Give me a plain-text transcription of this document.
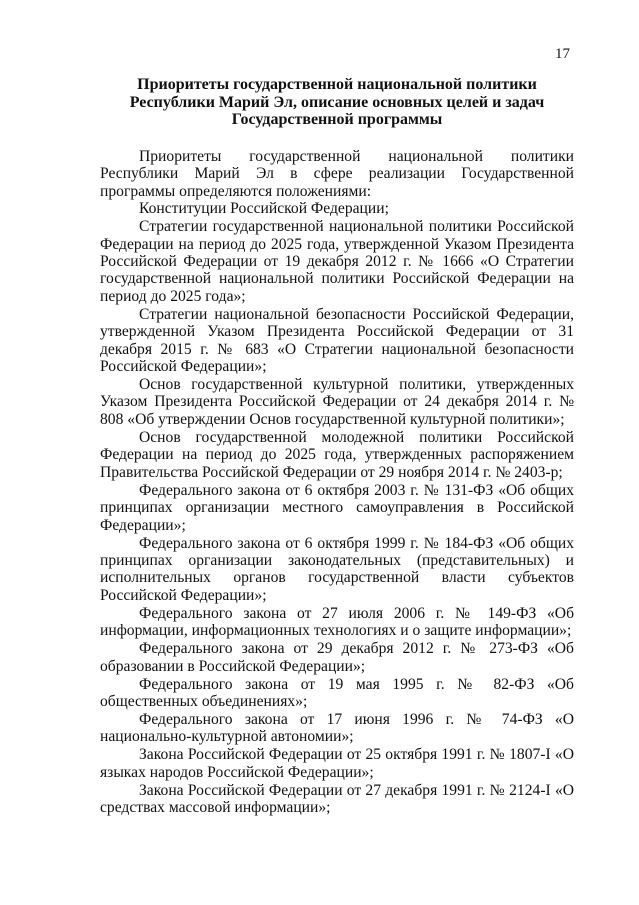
17
Приоритеты государственной национальной политики
Республики Марий Эл, описание основных целей и задач
Государственной программы

Приоритеты государственной национальной политики Республики Марий Эл в сфере реализации Государственной программы определяются положениями:

Конституции Российской Федерации;

Стратегии государственной национальной политики Российской Федерации на период до 2025 года, утвержденной Указом Президента Российской Федерации от 19 декабря 2012 г. № 1666 «О Стратегии государственной национальной политики Российской Федерации на период до 2025 года»;

Стратегии национальной безопасности Российской Федерации, утвержденной Указом Президента Российской Федерации от 31 декабря 2015 г. № 683 «О Стратегии национальной безопасности Российской Федерации»;

Основ государственной культурной политики, утвержденных Указом Президента Российской Федерации от 24 декабря 2014 г. № 808 «Об утверждении Основ государственной культурной политики»;

Основ государственной молодежной политики Российской Федерации на период до 2025 года, утвержденных распоряжением Правительства Российской Федерации от 29 ноября 2014 г. № 2403-р;

Федерального закона от 6 октября 2003 г. № 131-ФЗ «Об общих принципах организации местного самоуправления в Российской Федерации»;

Федерального закона от 6 октября 1999 г. № 184-ФЗ «Об общих принципах организации законодательных (представительных) и исполнительных органов государственной власти субъектов Российской Федерации»;

Федерального закона от 27 июля 2006 г. № 149-ФЗ «Об информации, информационных технологиях и о защите информации»;

Федерального закона от 29 декабря 2012 г. № 273-ФЗ «Об образовании в Российской Федерации»;

Федерального закона от 19 мая 1995 г. № 82-ФЗ «Об общественных объединениях»;

Федерального закона от 17 июня 1996 г. № 74-ФЗ «О национально-культурной автономии»;

Закона Российской Федерации от 25 октября 1991 г. № 1807-I «О языках народов Российской Федерации»;

Закона Российской Федерации от 27 декабря 1991 г. № 2124-I «О средствах массовой информации»;
